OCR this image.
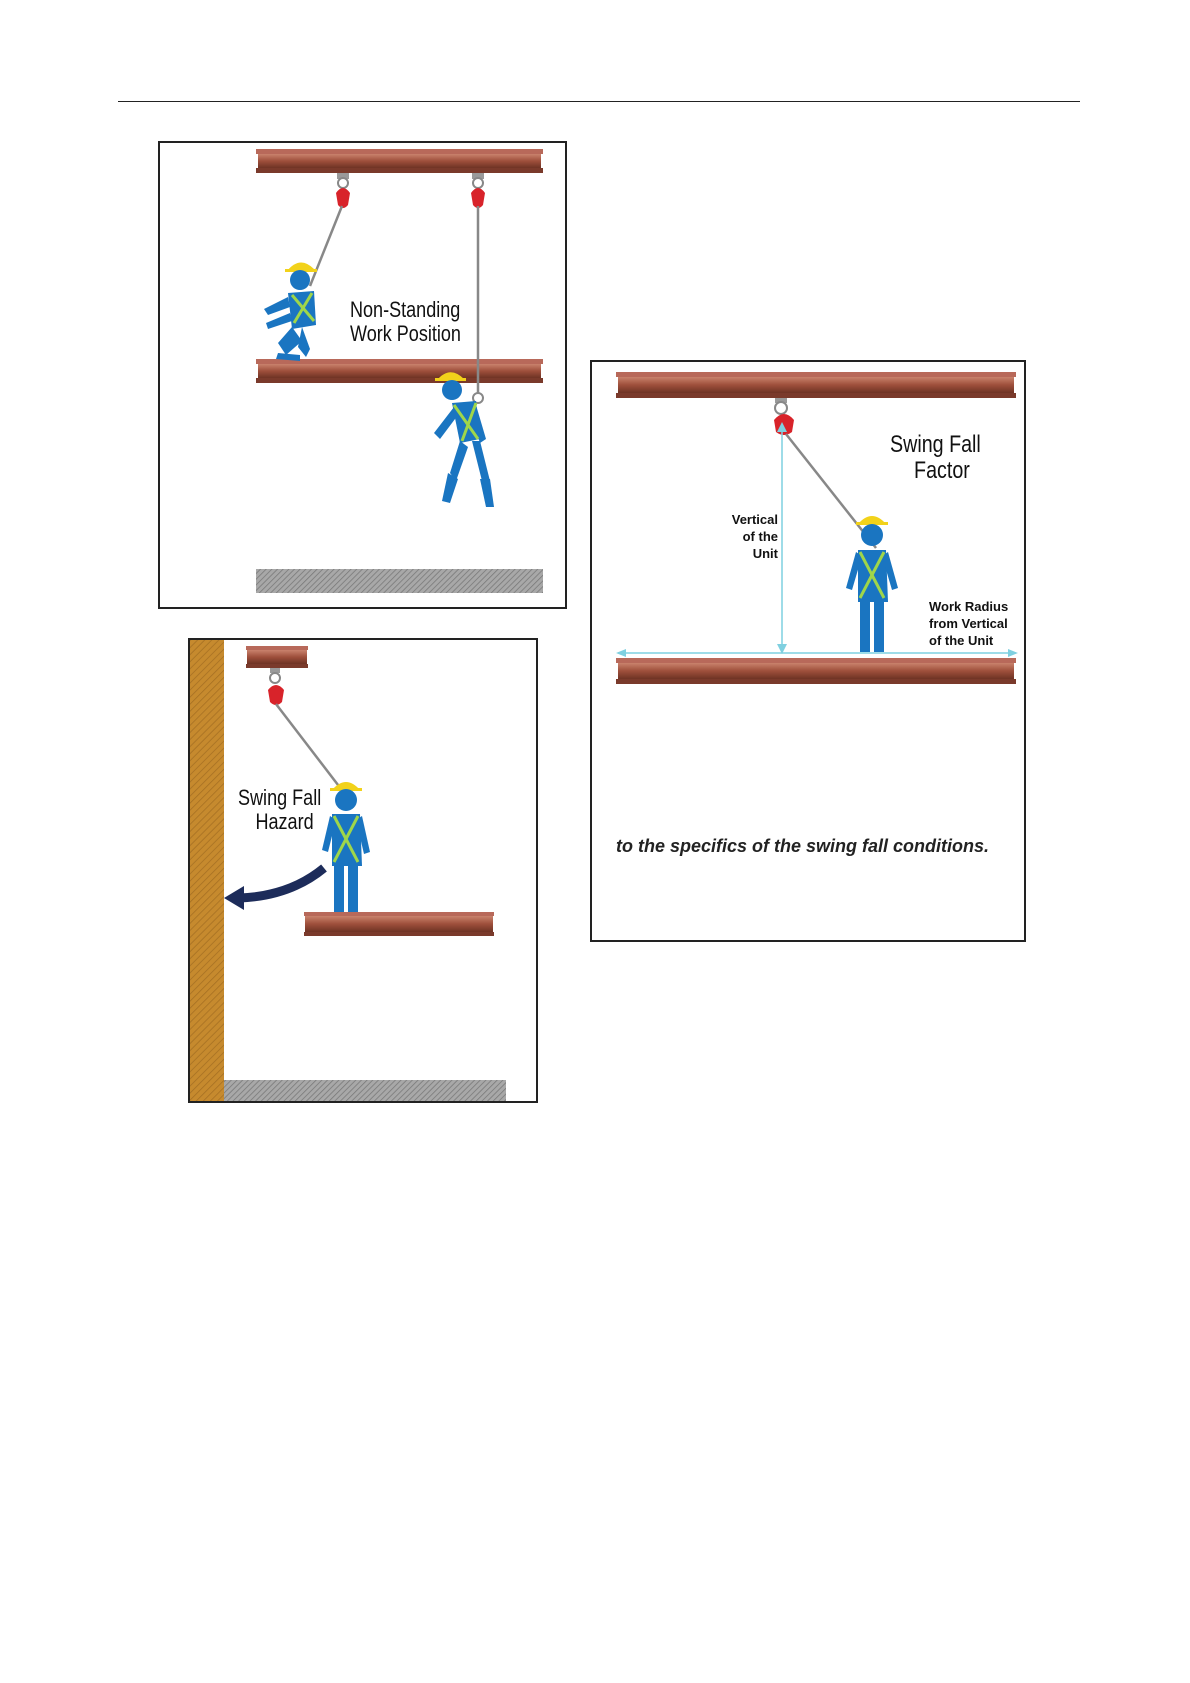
Non-Standing
Work Position
Swing Fall
Hazard
Swing Fall
Factor
Vertical
of the
Unit
Work Radius
from Vertical
of the Unit
to the specifics of the swing fall conditions.
